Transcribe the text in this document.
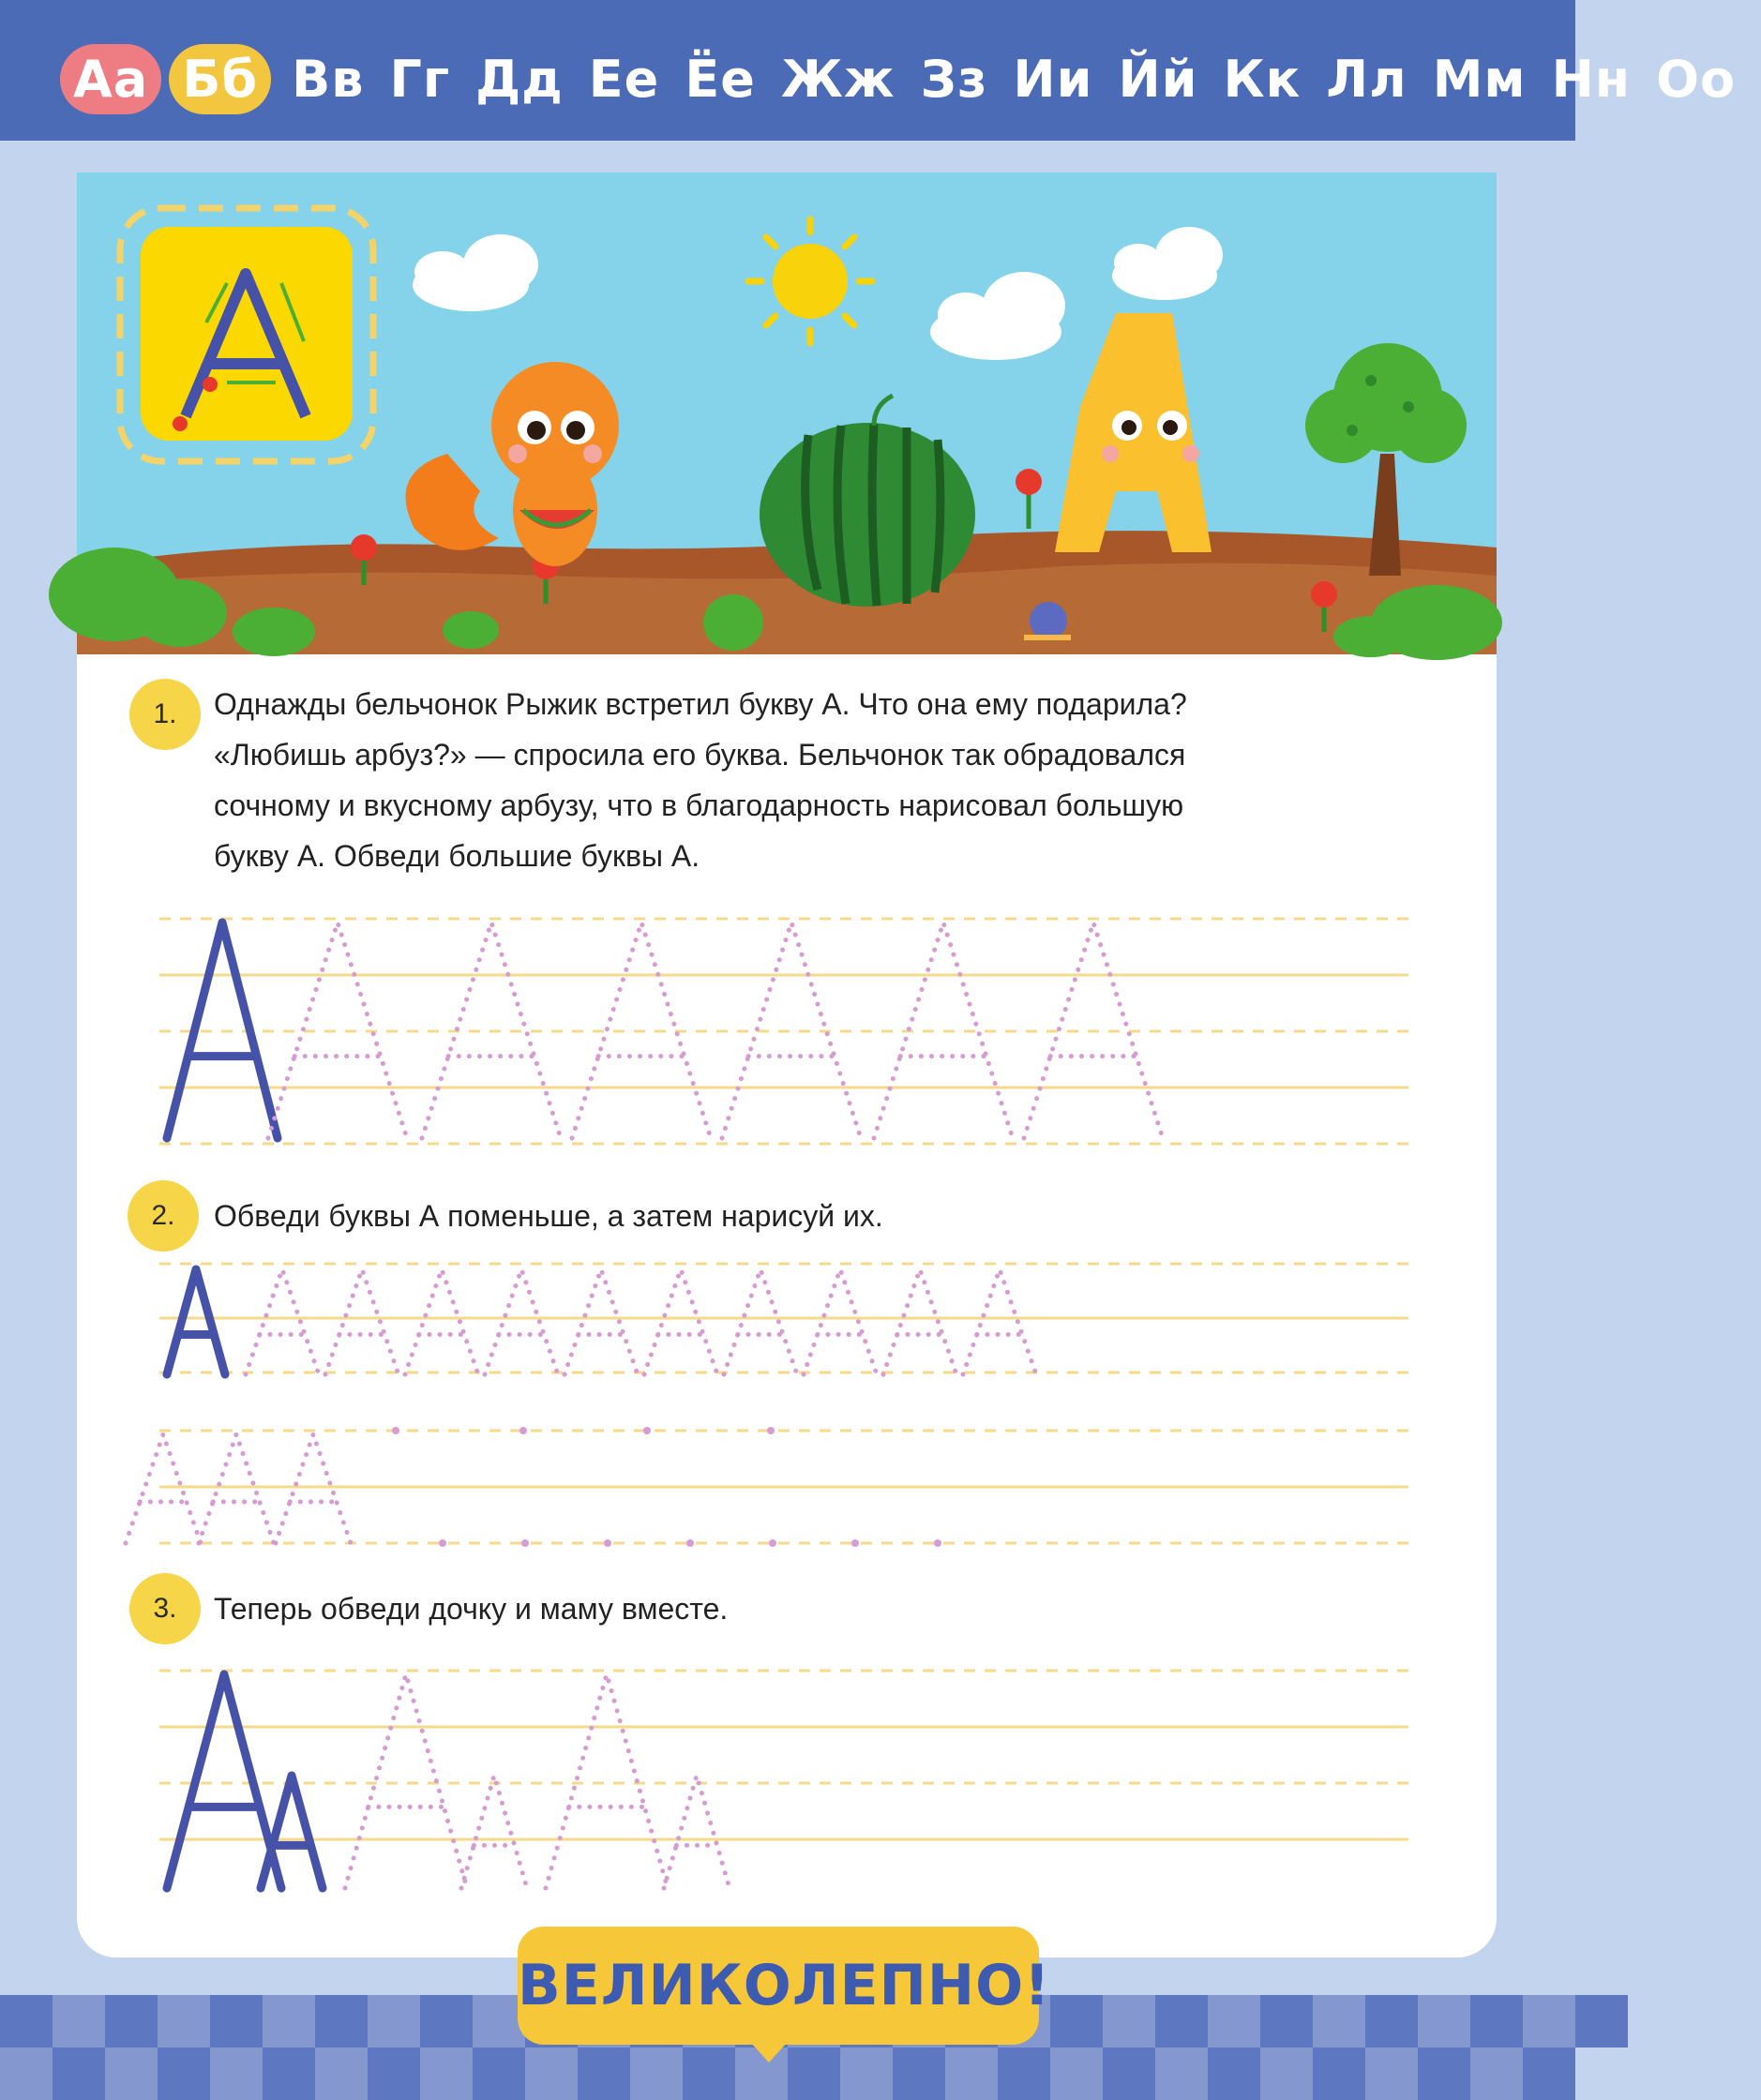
Аа Бб Вв Гг Дд Ее Ёе Жж Зз Ии Йй Кк Лл Мм Нн Оо
1.	Однажды бельчонок Рыжик встретил букву А. Что она ему подарила?
«Любишь арбуз?» — спросила его буква. Бельчонок так обрадовался
сочному и вкусному арбузу, что в благодарность нарисовал большую
букву А. Обведи большие буквы А.
2.	Обведи буквы А поменьше, а затем нарисуй их.
3.	Теперь обведи дочку и маму вместе.
ВЕЛИКОЛЕПНО!
